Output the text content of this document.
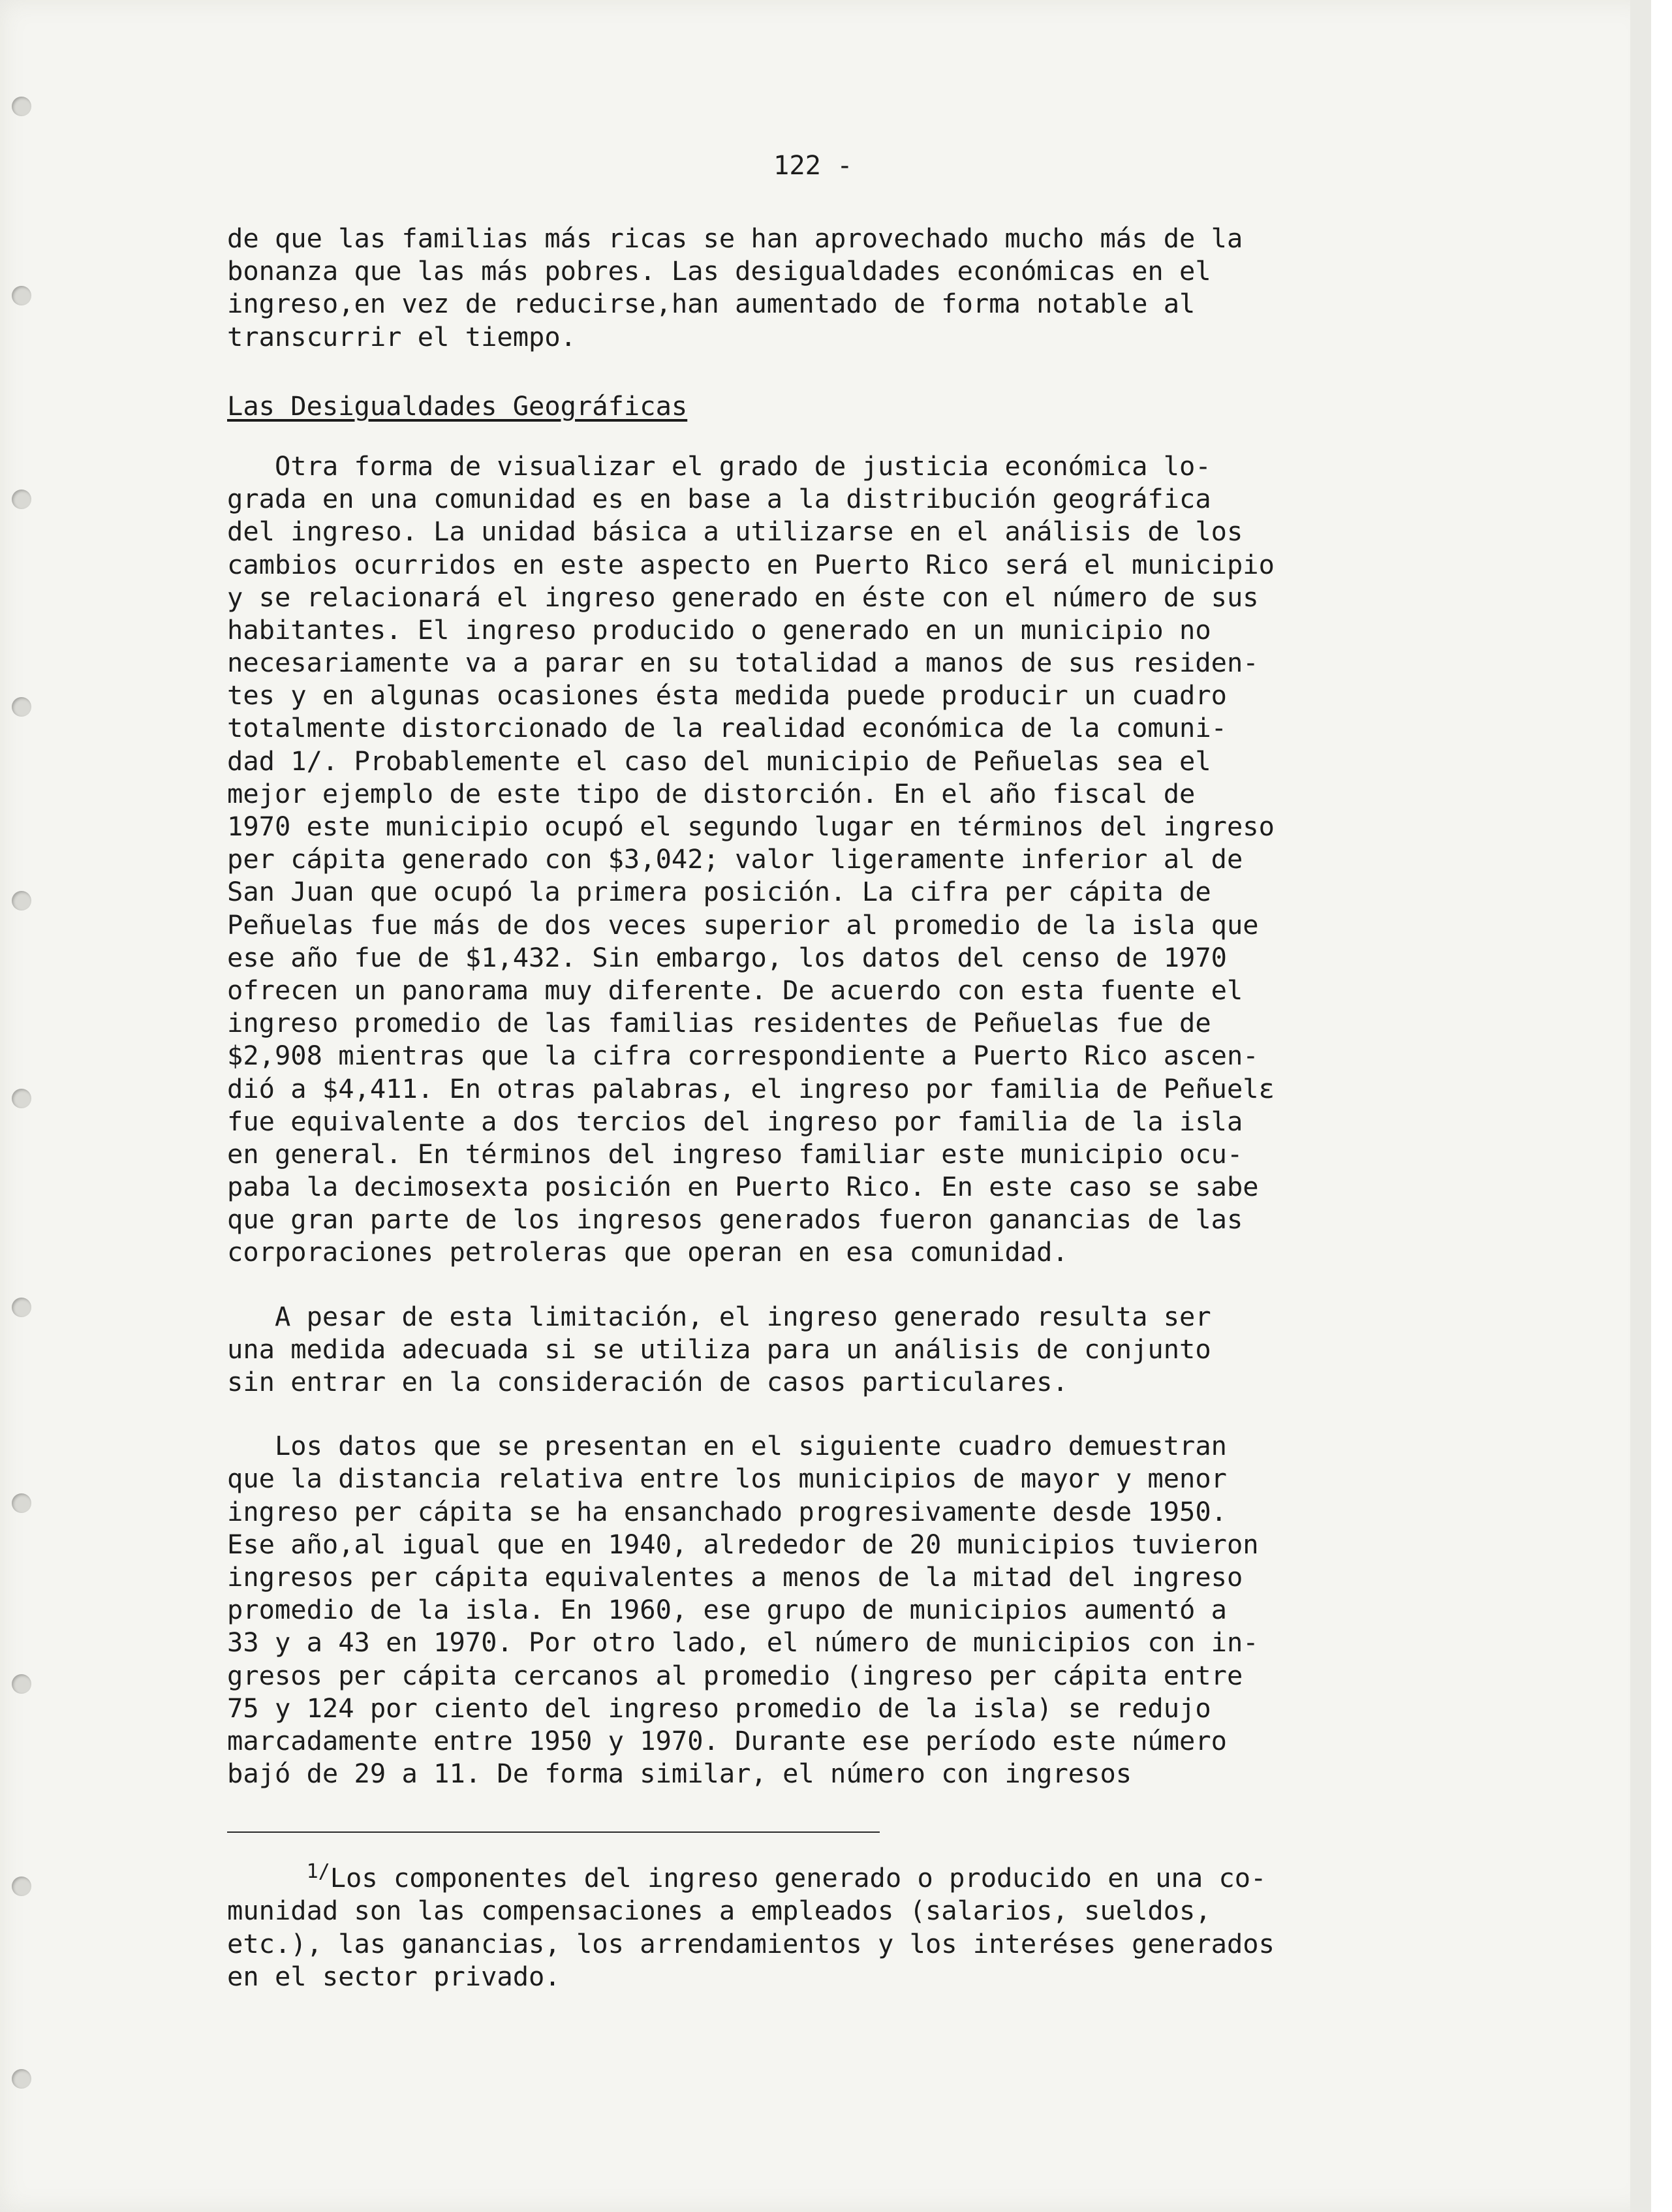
122 -
de que las familias más ricas se han aprovechado mucho más de la
bonanza que las más pobres. Las desigualdades económicas en el
ingreso,en vez de reducirse,han aumentado de forma notable al
transcurrir el tiempo.
Las Desigualdades Geográficas
Otra forma de visualizar el grado de justicia económica lo-
grada en una comunidad es en base a la distribución geográfica
del ingreso. La unidad básica a utilizarse en el análisis de los
cambios ocurridos en este aspecto en Puerto Rico será el municipio
y se relacionará el ingreso generado en éste con el número de sus
habitantes. El ingreso producido o generado en un municipio no
necesariamente va a parar en su totalidad a manos de sus residen-
tes y en algunas ocasiones ésta medida puede producir un cuadro
totalmente distorcionado de la realidad económica de la comuni-
dad 1/. Probablemente el caso del municipio de Peñuelas sea el
mejor ejemplo de este tipo de distorción. En el año fiscal de
1970 este municipio ocupó el segundo lugar en términos del ingreso
per cápita generado con $3,042; valor ligeramente inferior al de
San Juan que ocupó la primera posición. La cifra per cápita de
Peñuelas fue más de dos veces superior al promedio de la isla que
ese año fue de $1,432. Sin embargo, los datos del censo de 1970
ofrecen un panorama muy diferente. De acuerdo con esta fuente el
ingreso promedio de las familias residentes de Peñuelas fue de
$2,908 mientras que la cifra correspondiente a Puerto Rico ascen-
dió a $4,411. En otras palabras, el ingreso por familia de Peñuelε
fue equivalente a dos tercios del ingreso por familia de la isla
en general. En términos del ingreso familiar este municipio ocu-
paba la decimosexta posición en Puerto Rico. En este caso se sabe
que gran parte de los ingresos generados fueron ganancias de las
corporaciones petroleras que operan en esa comunidad.
A pesar de esta limitación, el ingreso generado resulta ser
una medida adecuada si se utiliza para un análisis de conjunto
sin entrar en la consideración de casos particulares.
Los datos que se presentan en el siguiente cuadro demuestran
que la distancia relativa entre los municipios de mayor y menor
ingreso per cápita se ha ensanchado progresivamente desde 1950.
Ese año,al igual que en 1940, alrededor de 20 municipios tuvieron
ingresos per cápita equivalentes a menos de la mitad del ingreso
promedio de la isla. En 1960, ese grupo de municipios aumentó a
33 y a 43 en 1970. Por otro lado, el número de municipios con in-
gresos per cápita cercanos al promedio (ingreso per cápita entre
75 y 124 por ciento del ingreso promedio de la isla) se redujo
marcadamente entre 1950 y 1970. Durante ese período este número
bajó de 29 a 11. De forma similar, el número con ingresos
$^{1/}$Los componentes del ingreso generado o producido en una co-
munidad son las compensaciones a empleados (salarios, sueldos,
etc.), las ganancias, los arrendamientos y los interéses generados
en el sector privado.
